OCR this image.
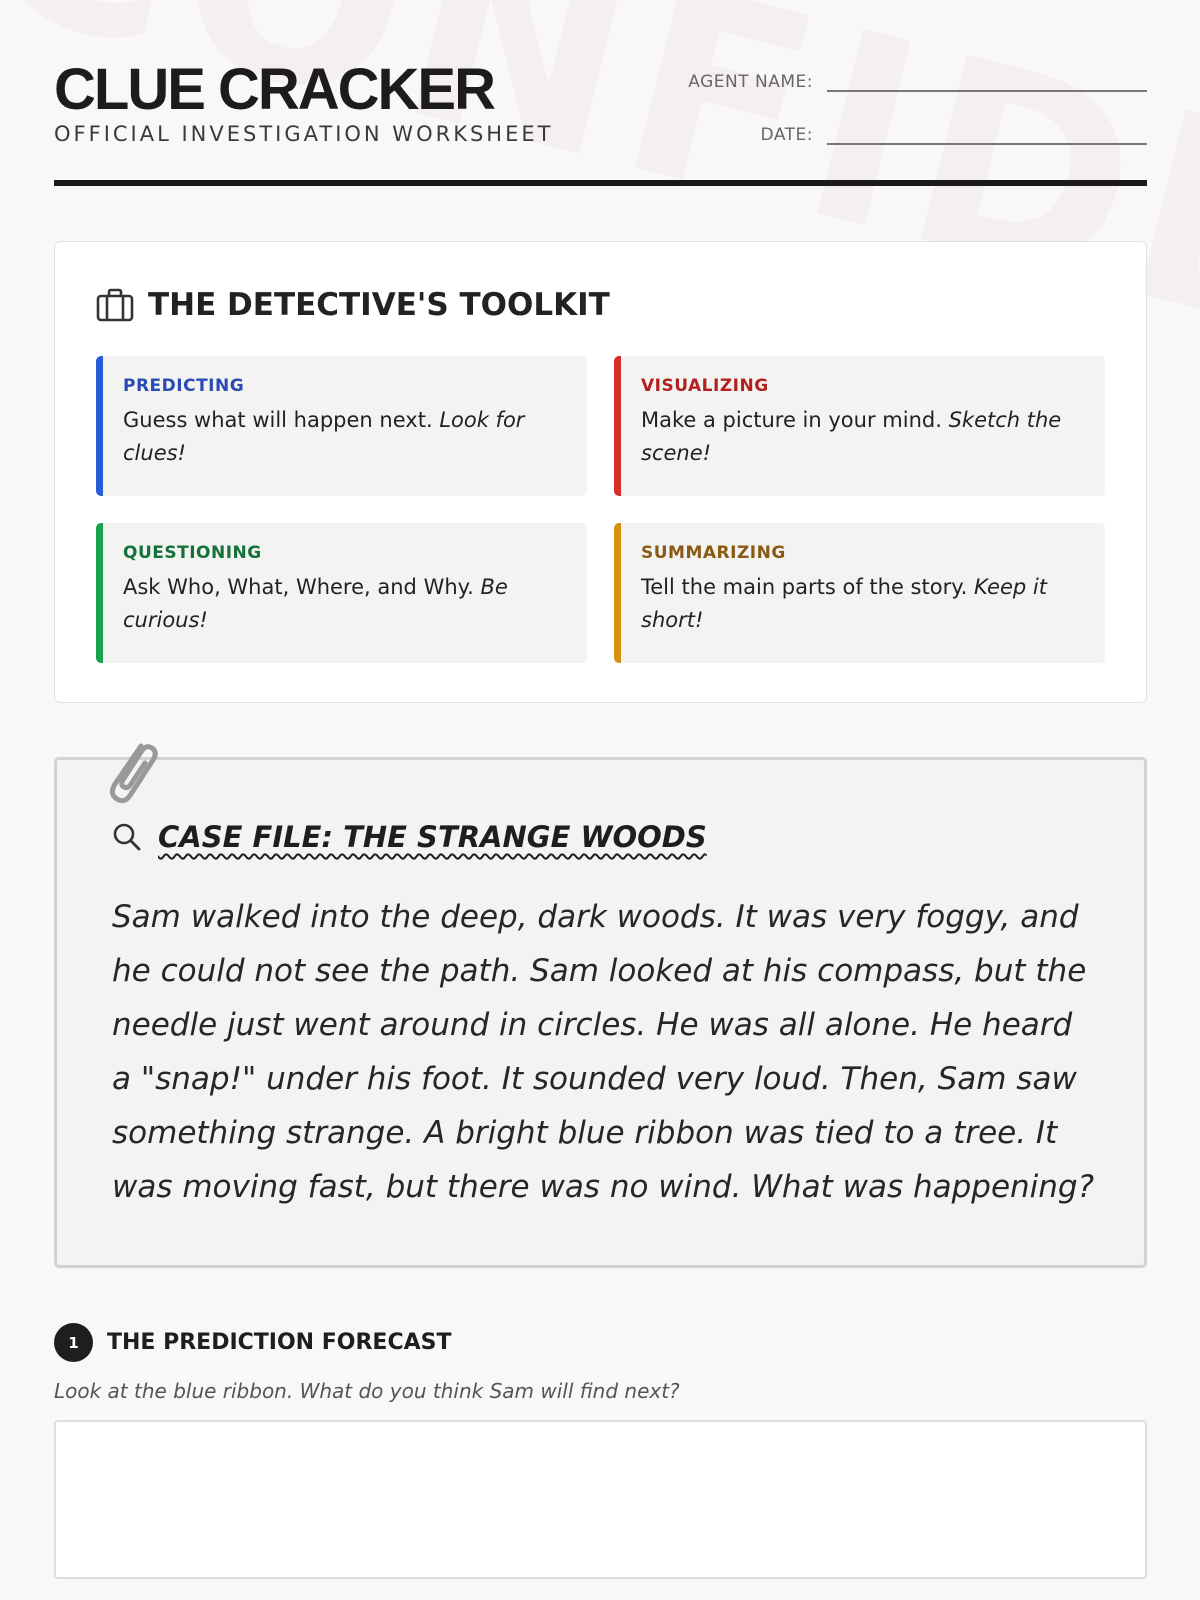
CLUE CRACKER
OFFICIAL INVESTIGATION WORKSHEET
AGENT NAME:
DATE:
THE DETECTIVE'S TOOLKIT
PREDICTING
Guess what will happen next. Look for clues!
VISUALIZING
Make a picture in your mind. Sketch the scene!
QUESTIONING
Ask Who, What, Where, and Why. Be curious!
SUMMARIZING
Tell the main parts of the story. Keep it short!
CASE FILE: THE STRANGE WOODS

Sam walked into the deep, dark woods. It was very foggy, and he could not see the path. Sam looked at his compass, but the needle just went around in circles. He was all alone. He heard a "snap!" under his foot. It sounded very loud. Then, Sam saw something strange. A bright blue ribbon was tied to a tree. It was moving fast, but there was no wind. What was happening?

1	THE PREDICTION FORECAST
Look at the blue ribbon. What do you think Sam will find next?
